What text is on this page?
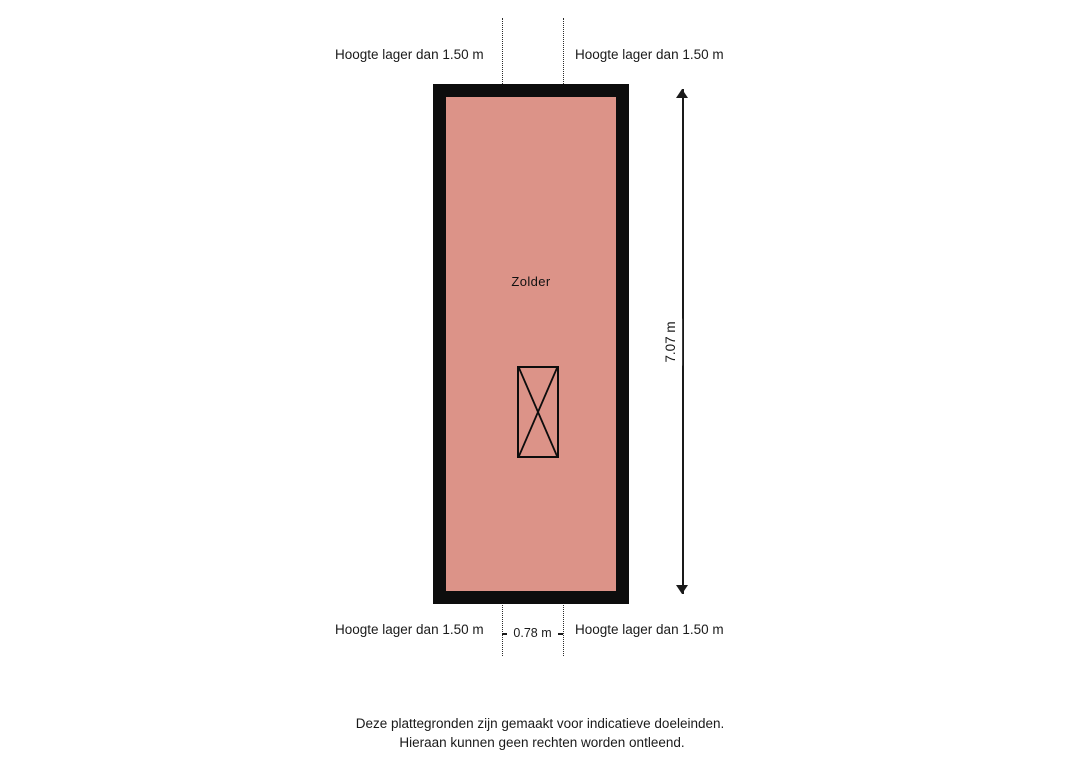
Zolder
Hoogte lager dan 1.50 m	Hoogte lager dan 1.50 m
Hoogte lager dan 1.50 m	Hoogte lager dan 1.50 m
0.78 m
7.07 m
Deze plattegronden zijn gemaakt voor indicatieve doeleinden.
Hieraan kunnen geen rechten worden ontleend.
